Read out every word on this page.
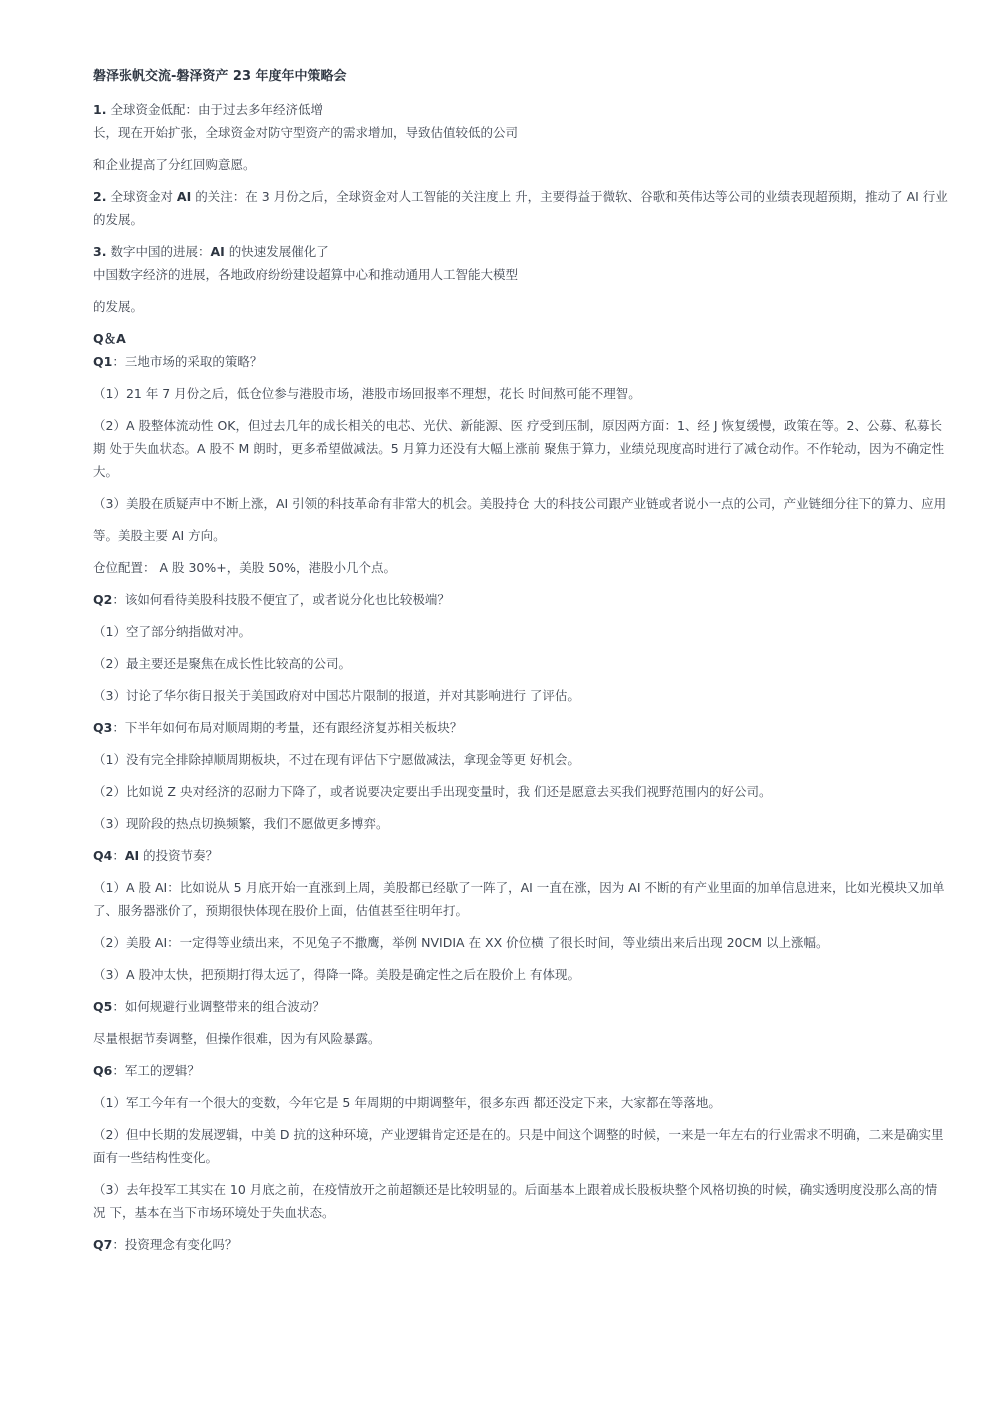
磐泽张帆交流-磐泽资产 23 年度年中策略会
1. 全球资金低配：由于过去多年经济低增
长，现在开始扩张，全球资金对防守型资产的需求增加，导致估值较低的公司
和企业提高了分红回购意愿。
2. 全球资金对 AI 的关注：在 3 月份之后，全球资金对人工智能的关注度上 升，主要得益于微软、谷歌和英伟达等公司的业绩表现超预期，推动了 AI 行业 的发展。
3. 数字中国的进展：AI 的快速发展催化了
中国数字经济的进展，各地政府纷纷建设超算中心和推动通用人工智能大模型
的发展。
Q＆A
Q1：三地市场的采取的策略？
（1）21 年 7 月份之后，低仓位参与港股市场，港股市场回报率不理想，花长 时间熬可能不理智。
（2）A 股整体流动性 OK，但过去几年的成长相关的电芯、光伏、新能源、医 疗受到压制，原因两方面：1、经 J 恢复缓慢，政策在等。2、公募、私募长期 处于失血状态。A 股不 M 朗时，更多希望做减法。5 月算力还没有大幅上涨前 聚焦于算力，业绩兑现度高时进行了减仓动作。不作轮动，因为不确定性大。
（3）美股在质疑声中不断上涨，AI 引领的科技革命有非常大的机会。美股持仓 大的科技公司跟产业链或者说小一点的公司，产业链细分往下的算力、应用
等。美股主要 AI 方向。
仓位配置： A 股 30%+，美股 50%，港股小几个点。
Q2：该如何看待美股科技股不便宜了，或者说分化也比较极端？
（1）空了部分纳指做对冲。
（2）最主要还是聚焦在成长性比较高的公司。
（3）讨论了华尔街日报关于美国政府对中国芯片限制的报道，并对其影响进行 了评估。
Q3：下半年如何布局对顺周期的考量，还有跟经济复苏相关板块？
（1）没有完全排除掉顺周期板块，不过在现有评估下宁愿做减法，拿现金等更 好机会。
（2）比如说 Z 央对经济的忍耐力下降了，或者说要决定要出手出现变量时，我 们还是愿意去买我们视野范围内的好公司。
（3）现阶段的热点切换频繁，我们不愿做更多博弈。
Q4：AI 的投资节奏？
（1）A 股 AI：比如说从 5 月底开始一直涨到上周，美股都已经歇了一阵了，AI 一直在涨，因为 AI 不断的有产业里面的加单信息进来，比如光模块又加单了、服务器涨价了，预期很快体现在股价上面，估值甚至往明年打。
（2）美股 AI：一定得等业绩出来，不见兔子不撒鹰，举例 NVIDIA 在 XX 价位横 了很长时间，等业绩出来后出现 20CM 以上涨幅。
（3）A 股冲太快，把预期打得太远了，得降一降。美股是确定性之后在股价上 有体现。
Q5：如何规避行业调整带来的组合波动？
尽量根据节奏调整，但操作很难，因为有风险暴露。
Q6：军工的逻辑？
（1）军工今年有一个很大的变数，今年它是 5 年周期的中期调整年，很多东西 都还没定下来，大家都在等落地。
（2）但中长期的发展逻辑，中美 D 抗的这种环境，产业逻辑肯定还是在的。只是中间这个调整的时候，一来是一年左右的行业需求不明确，二来是确实里 面有一些结构性变化。
（3）去年投军工其实在 10 月底之前，在疫情放开之前超额还是比较明显的。后面基本上跟着成长股板块整个风格切换的时候，确实透明度没那么高的情况 下，基本在当下市场环境处于失血状态。
Q7：投资理念有变化吗？
